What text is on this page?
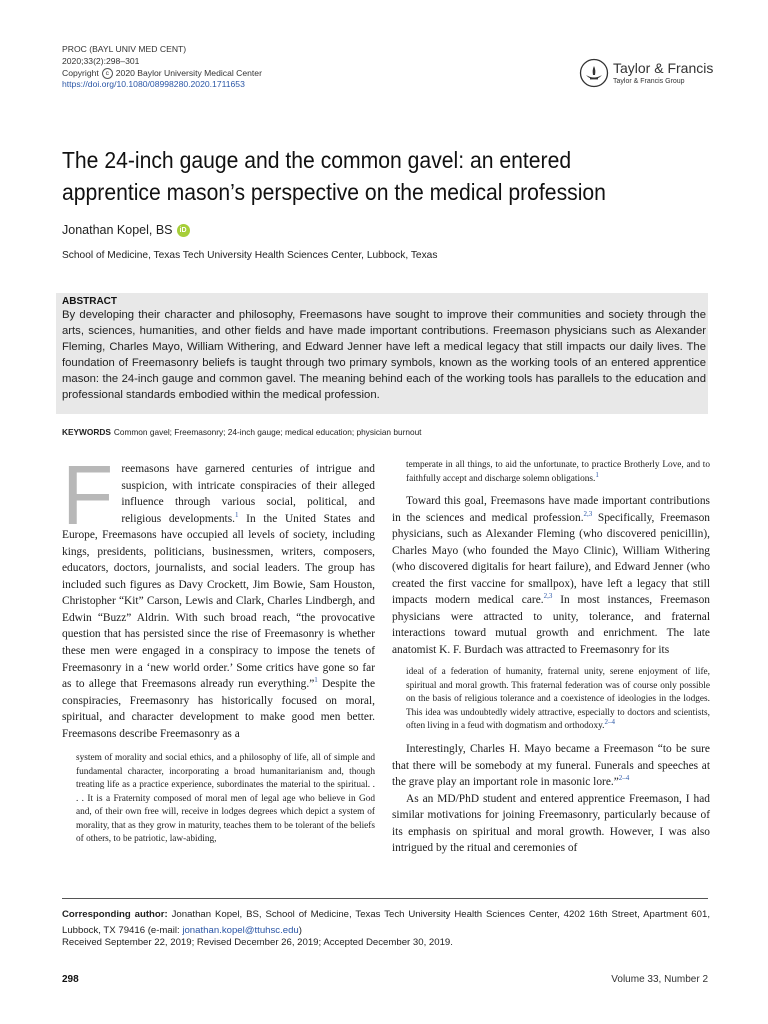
PROC (BAYL UNIV MED CENT)
2020;33(2):298–301
Copyright c 2020 Baylor University Medical Center
https://doi.org/10.1080/08998280.2020.1711653
Taylor & Francis
Taylor & Francis Group
The 24-inch gauge and the common gavel: an entered
apprentice mason’s perspective on the medical profession
Jonathan Kopel, BS iD
School of Medicine, Texas Tech University Health Sciences Center, Lubbock, Texas
ABSTRACT
By developing their character and philosophy, Freemasons have sought to improve their communities and society through the arts, sciences, humanities, and other fields and have made important contributions. Freemason physicians such as Alexander Fleming, Charles Mayo, William Withering, and Edward Jenner have left a medical legacy that still impacts our daily lives. The foundation of Freemasonry beliefs is taught through two primary symbols, known as the working tools of an entered apprentice mason: the 24-inch gauge and common gavel. The meaning behind each of the working tools has parallels to the education and professional standards embodied within the medical profession.
KEYWORDS Common gavel; Freemasonry; 24-inch gauge; medical education; physician burnout

Freemasons have garnered centuries of intrigue and suspicion, with intricate conspiracies of their alleged influence through various social, political, and religious developments.$^1$ In the United States and Europe, Freemasons have occupied all levels of society, including kings, presidents, politicians, businessmen, writers, composers, educators, doctors, journalists, and social leaders. The group has included such figures as Davy Crockett, Jim Bowie, Sam Houston, Christopher “Kit” Carson, Lewis and Clark, Charles Lindbergh, and Edwin “Buzz” Aldrin. With such broad reach, “the provocative question that has persisted since the rise of Freemasonry is whether these men were engaged in a conspiracy to impose the tenets of Freemasonry in a ‘new world order.’ Some critics have gone so far as to allege that Freemasons already run everything.”$^1$ Despite the conspiracies, Freemasonry has historically focused on moral, spiritual, and character development to make good men better. Freemasons describe Freemasonry as a

system of morality and social ethics, and a philosophy of life, all of simple and fundamental character, incorporating a broad humanitarianism and, though treating life as a practice experience, subordinates the material to the spiritual. . . . It is a Fraternity composed of moral men of legal age who believe in God and, of their own free will, receive in lodges degrees which depict a system of morality, that as they grow in maturity, teaches them to be tolerant of the beliefs of others, to be patriotic, law-abiding,

temperate in all things, to aid the unfortunate, to practice Brotherly Love, and to faithfully accept and discharge solemn obligations.$^1$

Toward this goal, Freemasons have made important contributions in the sciences and medical profession.$^{2,3}$ Specifically, Freemason physicians, such as Alexander Fleming (who discovered penicillin), Charles Mayo (who founded the Mayo Clinic), William Withering (who discovered digitalis for heart failure), and Edward Jenner (who created the first vaccine for smallpox), have left a legacy that still impacts modern medical care.$^{2,3}$ In most instances, Freemason physicians were attracted to unity, tolerance, and fraternal interactions toward mutual growth and enrichment. The late anatomist K. F. Burdach was attracted to Freemasonry for its

ideal of a federation of humanity, fraternal unity, serene enjoyment of life, spiritual and moral growth. This fraternal federation was of course only possible on the basis of religious tolerance and a coexistence of ideologies in the lodges. This idea was undoubtedly widely attractive, especially to doctors and scientists, often living in a feud with dogmatism and orthodoxy.$^{2-4}$

Interestingly, Charles H. Mayo became a Freemason “to be sure that there will be somebody at my funeral. Funerals and speeches at the grave play an important role in masonic lore.”$^{2-4}$

As an MD/PhD student and entered apprentice Freemason, I had similar motivations for joining Freemasonry, particularly because of its emphasis on spiritual and moral growth. However, I was also intrigued by the ritual and ceremonies of

Corresponding author: Jonathan Kopel, BS, School of Medicine, Texas Tech University Health Sciences Center, 4202 16th Street, Apartment 601, Lubbock, TX 79416 (e-mail: jonathan.kopel@ttuhsc.edu)
Received September 22, 2019; Revised December 26, 2019; Accepted December 30, 2019.
298	Volume 33, Number 2
